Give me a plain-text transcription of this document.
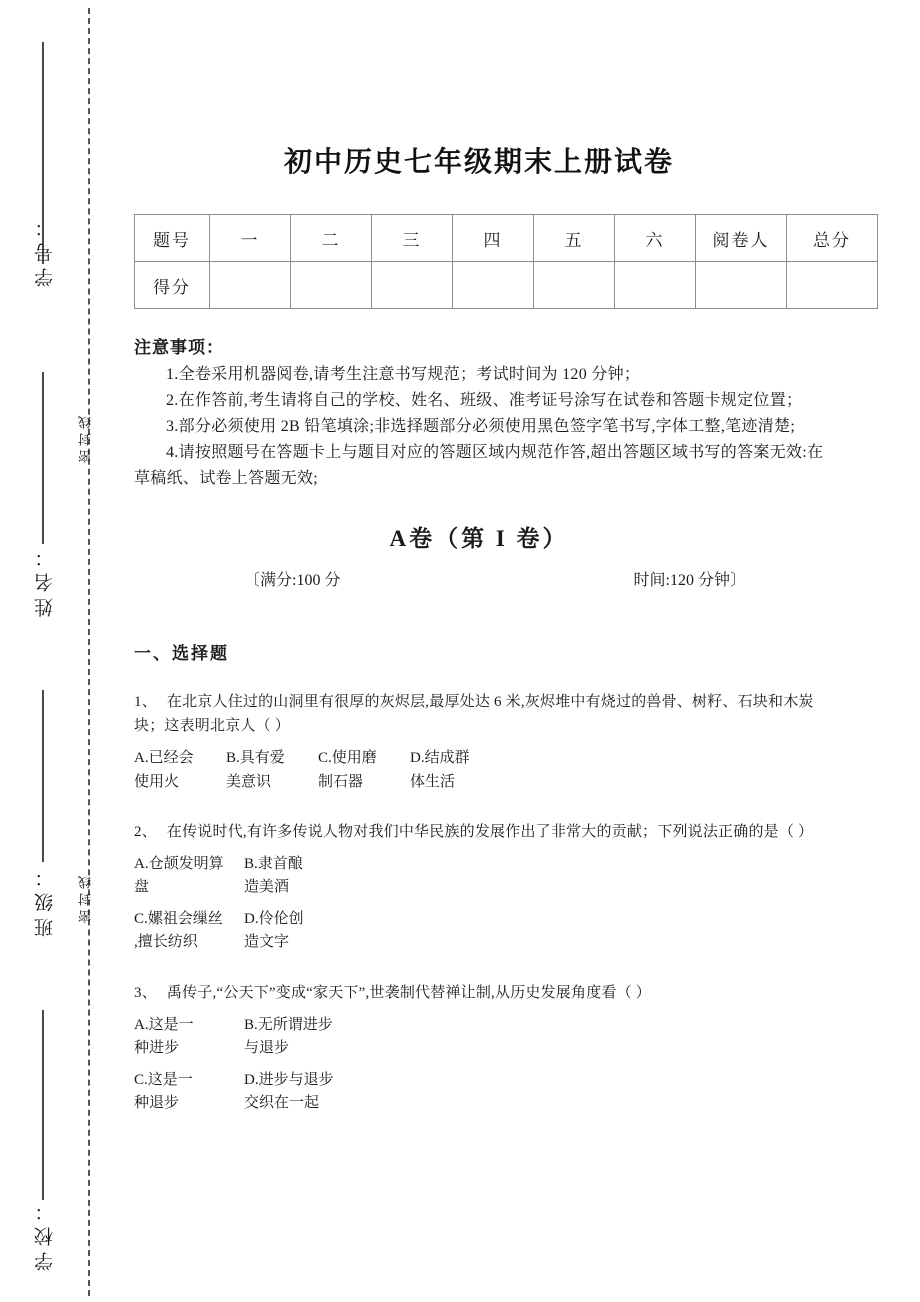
学号：
姓名：
班级：
学校：
密封线
密封线
初中历史七年级期末上册试卷
题号	一	二	三	四	五	六	阅卷人	总分
得分								
注意事项：

1.全卷采用机器阅卷,请考生注意书写规范；考试时间为 120 分钟；

2.在作答前,考生请将自己的学校、姓名、班级、准考证号涂写在试卷和答题卡规定位置；

3.部分必须使用 2B 铅笔填涂;非选择题部分必须使用黑色签字笔书写,字体工整,笔迹清楚;

4.请按照题号在答题卡上与题目对应的答题区域内规范作答,超出答题区域书写的答案无效:在草稿纸、试卷上答题无效;

A卷（第 I 卷）
〔满分:100 分	时间:120 分钟〕
一、选择题

1、 在北京人住过的山洞里有很厚的灰烬层,最厚处达 6 米,灰烬堆中有烧过的兽骨、树籽、石块和木炭块；这表明北京人（ ）

A.已经会
使用火
B.具有爱
美意识
C.使用磨
制石器
D.结成群
体生活

2、 在传说时代,有许多传说人物对我们中华民族的发展作出了非常大的贡献；下列说法正确的是（ ）

A.仓颉发明算
盘
B.隶首酿
造美酒
C.嫘祖会缫丝
,擅长纺织
D.伶伦创
造文字

3、 禹传子,“公天下”变成“家天下”,世袭制代替禅让制,从历史发展角度看（ ）

A.这是一
种进步
B.无所谓进步
与退步
C.这是一
种退步
D.进步与退步
交织在一起
